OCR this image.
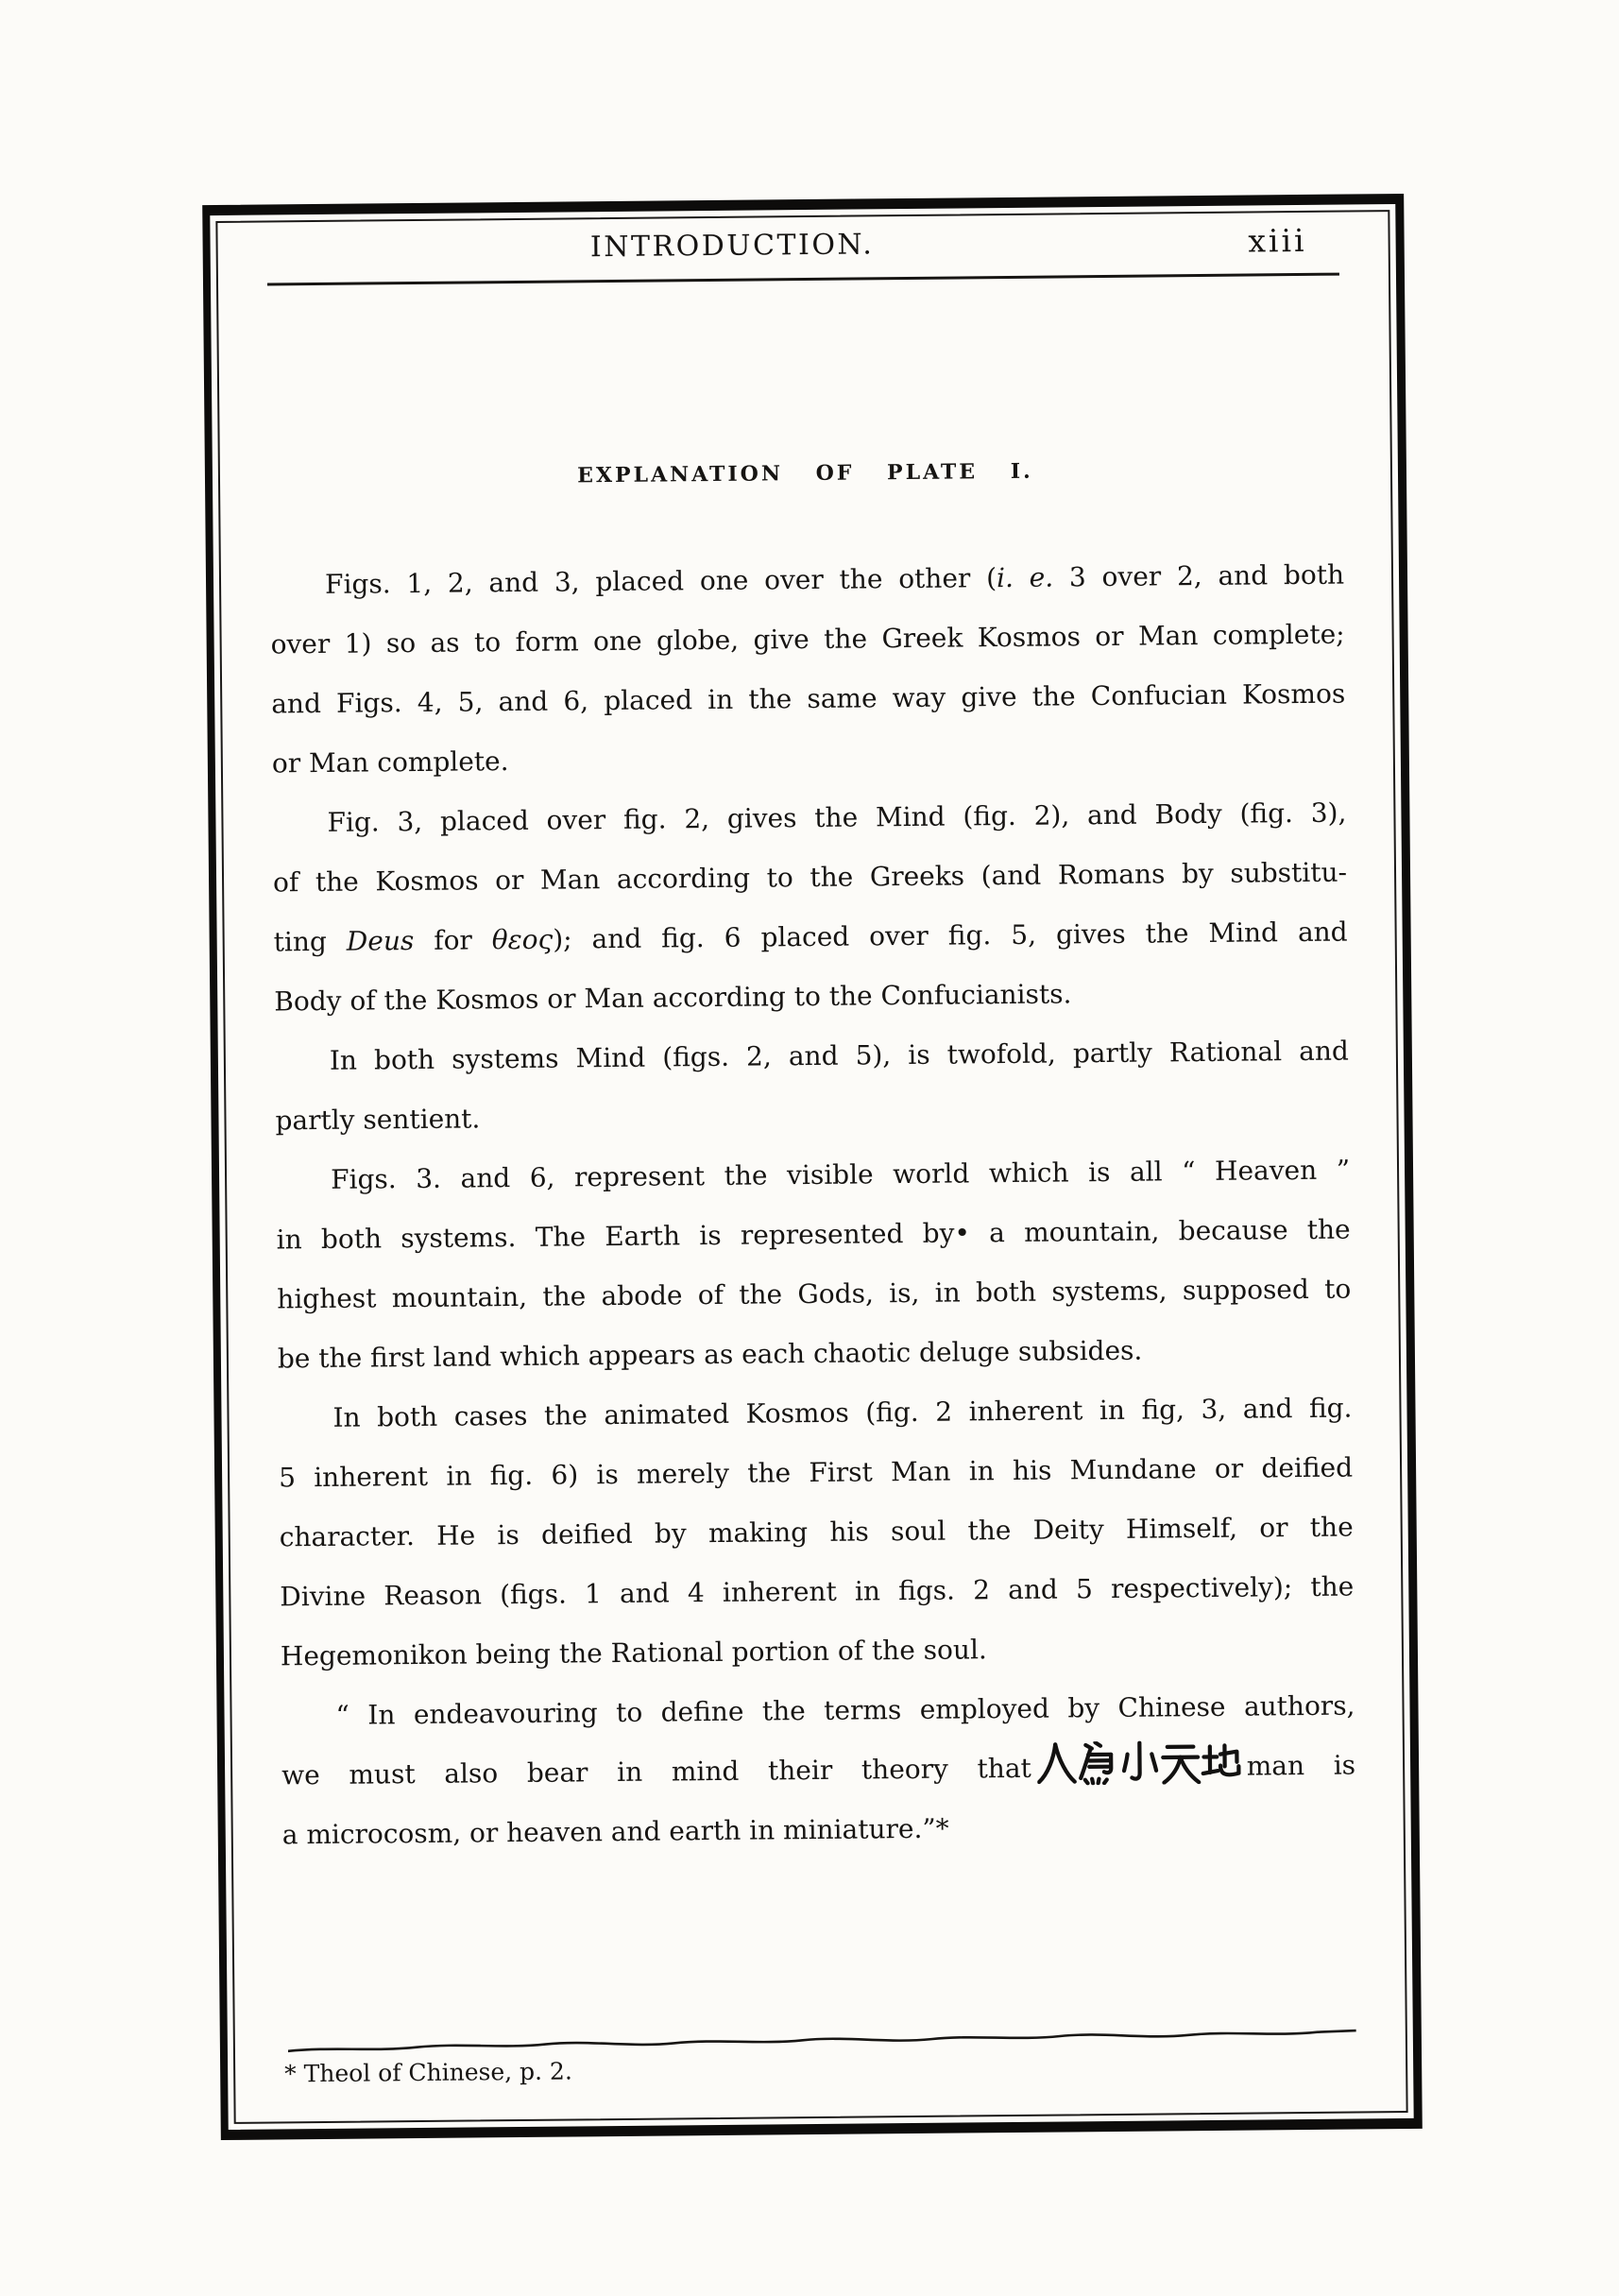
INTRODUCTION.	xiii
EXPLANATION OF PLATE I.
Figs. 1, 2, and 3, placed one over the other (i. e. 3 over 2, and both
over 1) so as to form one globe, give the Greek Kosmos or Man complete;
and Figs. 4, 5, and 6, placed in the same way give the Confucian Kosmos
or Man complete.
Fig. 3, placed over fig. 2, gives the Mind (fig. 2), and Body (fig. 3),
of the Kosmos or Man according to the Greeks (and Romans by substitu-
ting Deus for θεος); and fig. 6 placed over fig. 5, gives the Mind and
Body of the Kosmos or Man according to the Confucianists.
In both systems Mind (figs. 2, and 5), is twofold, partly Rational and
partly sentient.
Figs. 3. and 6, represent the visible world which is all “ Heaven ”
in both systems. The Earth is represented by• a mountain, because the
highest mountain, the abode of the Gods, is, in both systems, supposed to
be the first land which appears as each chaotic deluge subsides.
In both cases the animated Kosmos (fig. 2 inherent in fig, 3, and fig.
5 inherent in fig. 6) is merely the First Man in his Mundane or deified
character. He is deified by making his soul the Deity Himself, or the
Divine Reason (figs. 1 and 4 inherent in figs. 2 and 5 respectively); the
Hegemonikon being the Rational portion of the soul.
“ In endeavouring to define the terms employed by Chinese authors,
we must also bear in mind their theory that	man is
a microcosm, or heaven and earth in miniature.”*
* Theol of Chinese, p. 2.
